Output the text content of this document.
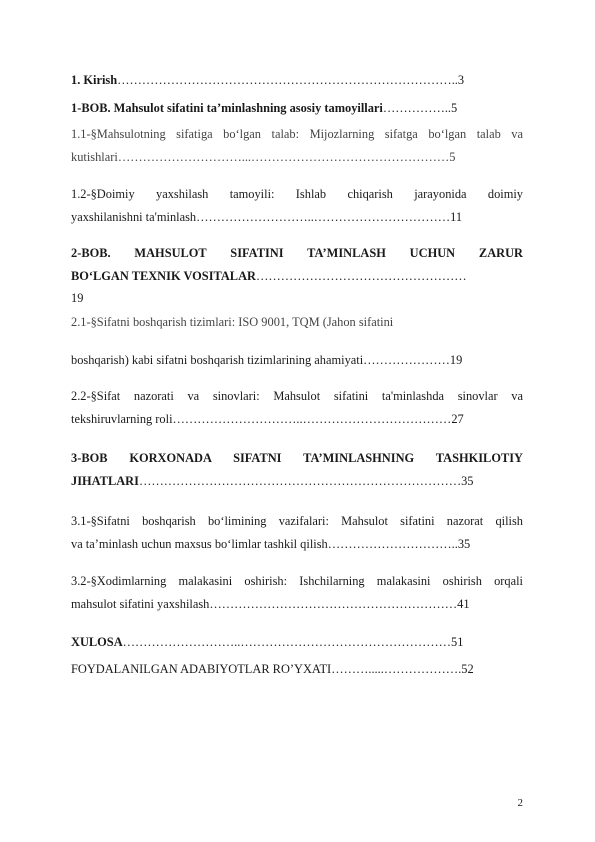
1. Kirish………………………………………………………………………..3
1-BOB. Mahsulot sifatini ta’minlashning asosiy tamoyillari……………..5
1.1-§Mahsulotning sifatiga bo‘lgan talab: Mijozlarning sifatga bo‘lgan talab va
kutishlari…………………………...…………………………………………5
1.2-§Doimiy yaxshilash tamoyili: Ishlab chiqarish jarayonida doimiy
yaxshilanishni ta'minlash………………………..……………………………11
2-BOB. MAHSULOT SIFATINI TA’MINLASH UCHUN ZARUR
BO‘LGAN TEXNIK VOSITALAR……………………………………………
19
2.1-§Sifatni boshqarish tizimlari: ISO 9001, TQM (Jahon sifatini
boshqarish) kabi sifatni boshqarish tizimlarining ahamiyati…………………19
2.2-§Sifat nazorati va sinovlari: Mahsulot sifatini ta'minlashda sinovlar va
tekshiruvlarning roli…………………………..………………………………27
3-BOB KORXONADA SIFATNI TA’MINLASHNING TASHKILOTIY
JIHATLARI……………………………………………………………………35
3.1-§Sifatni boshqarish bo‘limining vazifalari: Mahsulot sifatini nazorat qilish
va ta’minlash uchun maxsus bo‘limlar tashkil qilish…………………………..35
3.2-§Xodimlarning malakasini oshirish: Ishchilarning malakasini oshirish orqali
mahsulot sifatini yaxshilash……………………………………………………41
XULOSA………………………..……………………………………………51
FOYDALANILGAN ADABIYOTLAR RO’YXATI……….....……………….52
2
